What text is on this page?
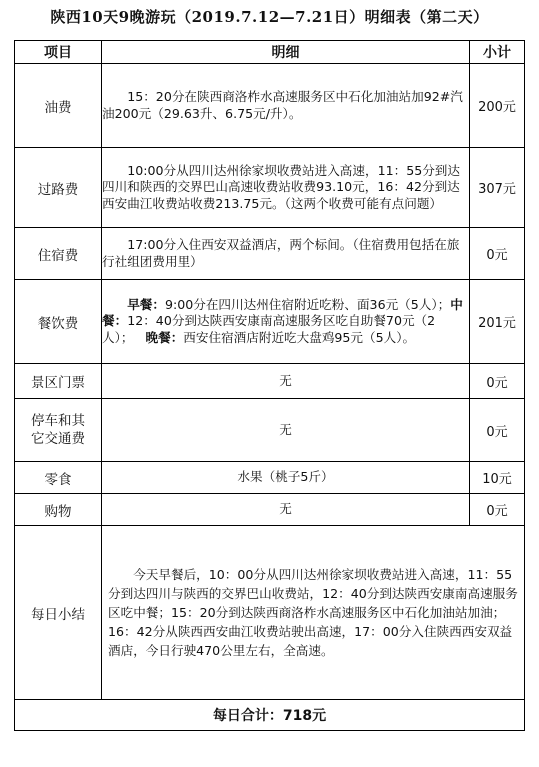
陕西10天9晚游玩（2019.7.12—7.21日）明细表（第二天）
项目	明细	小计
油费	15：20分在陕西商洛柞水高速服务区中石化加油站加92#汽油200元（29.63升、6.75元/升）。	200元
过路费	10:00分从四川达州徐家坝收费站进入高速，11：55分到达四川和陕西的交界巴山高速收费站收费93.10元，16：42分到达西安曲江收费站收费213.75元。（这两个收费可能有点问题）	307元
住宿费	17:00分入住西安双益酒店，两个标间。（住宿费用包括在旅行社组团费用里）	0元
餐饮费	早餐：9:00分在四川达州住宿附近吃粉、面36元（5人）；中餐：12：40分到达陕西安康南高速服务区吃自助餐70元（2人）； 晚餐：西安住宿酒店附近吃大盘鸡95元（5人）。	201元
景区门票	无	0元
停车和其它交通费	无	0元
零食	水果（桃子5斤）	10元
购物	无	0元
每日小结	今天早餐后，10：00分从四川达州徐家坝收费站进入高速，11：55分到达四川与陕西的交界巴山收费站，12：40分到达陕西安康南高速服务区吃中餐；15：20分到达陕西商洛柞水高速服务区中石化加油站加油；16：42分从陕西西安曲江收费站驶出高速，17：00分入住陕西西安双益酒店，今日行驶470公里左右，全高速。	
每日合计：718元		
